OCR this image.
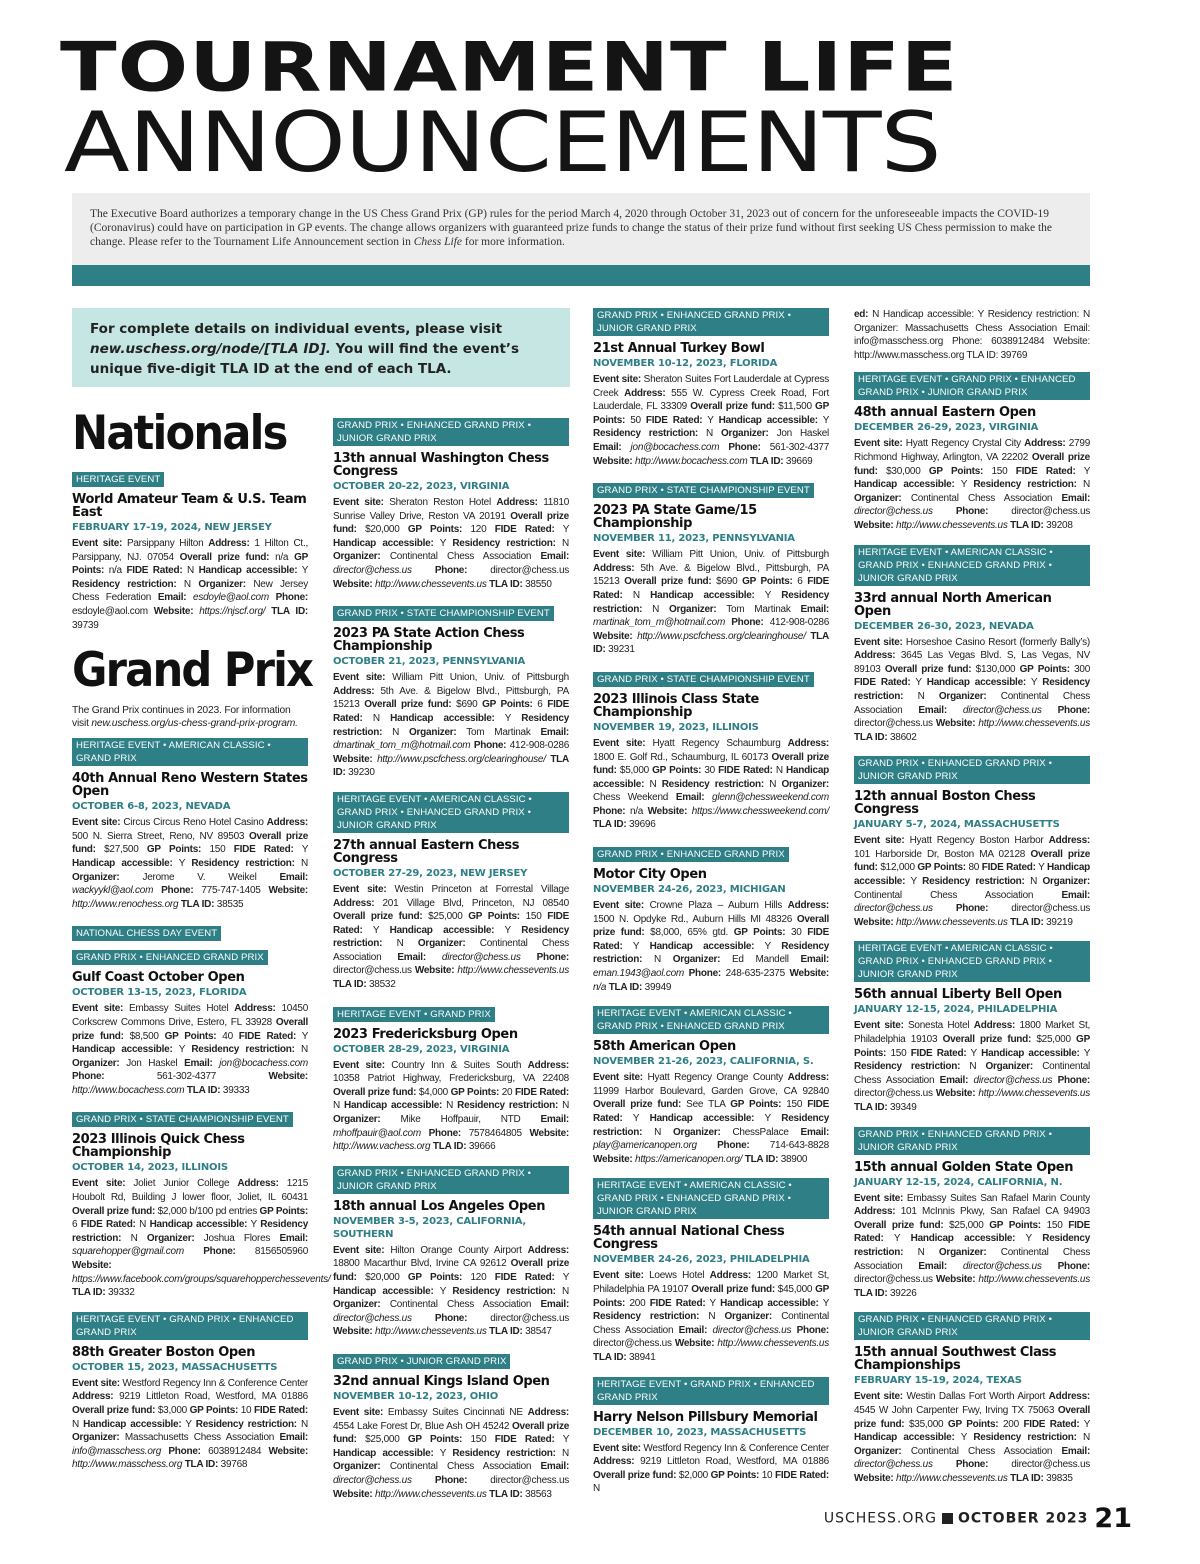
TOURNAMENT LIFE
ANNOUNCEMENTS
The Executive Board authorizes a temporary change in the US Chess Grand Prix (GP) rules for the period March 4, 2020 through October 31, 2023 out of concern for the unforeseeable impacts the COVID-19 (Coronavirus) could have on participation in GP events. The change allows organizers with guaranteed prize funds to change the status of their prize fund without first seeking US Chess permission to make the change. Please refer to the Tournament Life Announcement section in Chess Life for more information.
For complete details on individual events, please visit
new.uschess.org/node/[TLA ID]. You will find the event’s unique five-digit TLA ID at the end of each TLA.
Nationals
HERITAGE EVENT
World Amateur Team & U.S. Team East
FEBRUARY 17-19, 2024, NEW JERSEY
Event site: Parsippany Hilton Address: 1 Hilton Ct., Parsippany, NJ. 07054 Overall prize fund: n/a GP Points: n/a FIDE Rated: N Handicap accessible: Y Residency restriction: N Organizer: New Jersey Chess Federation Email: esdoyle@aol.com Phone: esdoyle@aol.com Website: https://njscf.org/ TLA ID: 39739
Grand Prix
The Grand Prix continues in 2023. For information visit new.uschess.org/us-chess-grand-prix-program.
HERITAGE EVENT • AMERICAN CLASSIC • GRAND PRIX
40th Annual Reno Western States Open
OCTOBER 6-8, 2023, NEVADA
Event site: Circus Circus Reno Hotel Casino Address: 500 N. Sierra Street, Reno, NV 89503 Overall prize fund: $27,500 GP Points: 150 FIDE Rated: Y Handicap accessible: Y Residency restriction: N Organizer: Jerome V. Weikel Email: wackyykl@aol.com Phone: 775-747-1405 Website: http://www.renochess.org TLA ID: 38535
NATIONAL CHESS DAY EVENT
GRAND PRIX • ENHANCED GRAND PRIX
Gulf Coast October Open
OCTOBER 13-15, 2023, FLORIDA
Event site: Embassy Suites Hotel Address: 10450 Corkscrew Commons Drive, Estero, FL 33928 Overall prize fund: $8,500 GP Points: 40 FIDE Rated: Y Handicap accessible: Y Residency restriction: N Organizer: Jon Haskel Email: jon@bocachess.com Phone:	561-302-4377	Website: http://www.bocachess.com TLA ID: 39333
GRAND PRIX • STATE CHAMPIONSHIP EVENT
2023 Illinois Quick Chess Championship
OCTOBER 14, 2023, ILLINOIS
Event site: Joliet Junior College Address: 1215 Houbolt Rd, Building J lower floor, Joliet, IL 60431 Overall prize fund: $2,000 b/100 pd entries GP Points: 6 FIDE Rated: N Handicap accessible: Y Residency restriction: N Organizer: Joshua Flores Email: squarehopper@gmail.com Phone: 8156505960 Website: https://www.facebook.com/groups/squarehopperchessevents/ TLA ID: 39332
HERITAGE EVENT • GRAND PRIX • ENHANCED GRAND PRIX
88th Greater Boston Open
OCTOBER 15, 2023, MASSACHUSETTS
Event site: Westford Regency Inn & Conference Center Address: 9219 Littleton Road, Westford, MA 01886 Overall prize fund: $3,000 GP Points: 10 FIDE Rated: N Handicap accessible: Y Residency restriction: N Organizer: Massachusetts Chess Association Email: info@masschess.org Phone: 6038912484 Website: http://www.masschess.org TLA ID: 39768
GRAND PRIX • ENHANCED GRAND PRIX • JUNIOR GRAND PRIX
13th annual Washington Chess Congress
OCTOBER 20-22, 2023, VIRGINIA
Event site: Sheraton Reston Hotel Address: 11810 Sunrise Valley Drive, Reston VA 20191 Overall prize fund: $20,000 GP Points: 120 FIDE Rated: Y Handicap accessible: Y Residency restriction: N Organizer: Continental Chess Association Email: director@chess.us Phone: director@chess.us Website: http://www.chessevents.us TLA ID: 38550
GRAND PRIX • STATE CHAMPIONSHIP EVENT
2023 PA State Action Chess Championship
OCTOBER 21, 2023, PENNSYLVANIA
Event site: William Pitt Union, Univ. of Pittsburgh Address: 5th Ave. & Bigelow Blvd., Pittsburgh, PA 15213 Overall prize fund: $690 GP Points: 6 FIDE Rated: N Handicap accessible: Y Residency restriction: N Organizer: Tom Martinak Email: dmartinak_tom_m@hotmail.com Phone: 412-908-0286 Website: http://www.pscfchess.org/clearinghouse/ TLA ID: 39230
HERITAGE EVENT • AMERICAN CLASSIC • GRAND PRIX • ENHANCED GRAND PRIX • JUNIOR GRAND PRIX
27th annual Eastern Chess Congress
OCTOBER 27-29, 2023, NEW JERSEY
Event site: Westin Princeton at Forrestal Village Address: 201 Village Blvd, Princeton, NJ 08540 Overall prize fund: $25,000 GP Points: 150 FIDE Rated: Y Handicap accessible: Y Residency restriction: N Organizer: Continental Chess Association Email: director@chess.us Phone: director@chess.us Website: http://www.chessevents.us TLA ID: 38532
HERITAGE EVENT • GRAND PRIX
2023 Fredericksburg Open
OCTOBER 28-29, 2023, VIRGINIA
Event site: Country Inn & Suites South Address: 10358 Patriot Highway, Fredericksburg, VA 22408 Overall prize fund: $4,000 GP Points: 20 FIDE Rated: N Handicap accessible: N Residency restriction: N Organizer: Mike Hoffpauir, NTD Email: mhoffpauir@aol.com Phone: 7578464805 Website: http://www.vachess.org TLA ID: 39666
GRAND PRIX • ENHANCED GRAND PRIX • JUNIOR GRAND PRIX
18th annual Los Angeles Open
NOVEMBER 3-5, 2023, CALIFORNIA, SOUTHERN
Event site: Hilton Orange County Airport Address: 18800 Macarthur Blvd, Irvine CA 92612 Overall prize fund: $20,000 GP Points: 120 FIDE Rated: Y Handicap accessible: Y Residency restriction: N Organizer: Continental Chess Association Email: director@chess.us Phone: director@chess.us Website: http://www.chessevents.us TLA ID: 38547
GRAND PRIX • JUNIOR GRAND PRIX
32nd annual Kings Island Open
NOVEMBER 10-12, 2023, OHIO
Event site: Embassy Suites Cincinnati NE Address: 4554 Lake Forest Dr, Blue Ash OH 45242 Overall prize fund: $25,000 GP Points: 150 FIDE Rated: Y Handicap accessible: Y Residency restriction: N Organizer: Continental Chess Association Email: director@chess.us Phone: director@chess.us Website: http://www.chessevents.us TLA ID: 38563
GRAND PRIX • ENHANCED GRAND PRIX • JUNIOR GRAND PRIX
21st Annual Turkey Bowl
NOVEMBER 10-12, 2023, FLORIDA
Event site: Sheraton Suites Fort Lauderdale at Cypress Creek Address: 555 W. Cypress Creek Road, Fort Lauderdale, FL 33309 Overall prize fund: $11,500 GP Points: 50 FIDE Rated: Y Handicap accessible: Y Residency restriction: N Organizer: Jon Haskel Email: jon@bocachess.com Phone: 561-302-4377 Website: http://www.bocachess.com TLA ID: 39669
GRAND PRIX • STATE CHAMPIONSHIP EVENT
2023 PA State Game/15 Championship
NOVEMBER 11, 2023, PENNSYLVANIA
Event site: William Pitt Union, Univ. of Pittsburgh Address: 5th Ave. & Bigelow Blvd., Pittsburgh, PA 15213 Overall prize fund: $690 GP Points: 6 FIDE Rated: N Handicap accessible: Y Residency restriction: N Organizer: Tom Martinak Email: martinak_tom_m@hotmail.com Phone: 412-908-0286 Website: http://www.pscfchess.org/clearinghouse/ TLA ID: 39231
GRAND PRIX • STATE CHAMPIONSHIP EVENT
2023 Illinois Class State Championship
NOVEMBER 19, 2023, ILLINOIS
Event site: Hyatt Regency Schaumburg Address: 1800 E. Golf Rd., Schaumburg, IL 60173 Overall prize fund: $5,000 GP Points: 30 FIDE Rated: N Handicap accessible: N Residency restriction: N Organizer: Chess Weekend Email: glenn@chessweekend.com Phone: n/a Website: https://www.chessweekend.com/ TLA ID: 39696
GRAND PRIX • ENHANCED GRAND PRIX
Motor City Open
NOVEMBER 24-26, 2023, MICHIGAN
Event site: Crowne Plaza – Auburn Hills Address: 1500 N. Opdyke Rd., Auburn Hills MI 48326 Overall prize fund: $8,000, 65% gtd. GP Points: 30 FIDE Rated: Y Handicap accessible: Y Residency restriction: N Organizer: Ed Mandell Email: eman.1943@aol.com Phone: 248-635-2375 Website: n/a TLA ID: 39949
HERITAGE EVENT • AMERICAN CLASSIC • GRAND PRIX • ENHANCED GRAND PRIX
58th American Open
NOVEMBER 21-26, 2023, CALIFORNIA, S.
Event site: Hyatt Regency Orange County Address: 11999 Harbor Boulevard, Garden Grove, CA 92840 Overall prize fund: See TLA GP Points: 150 FIDE Rated: Y Handicap accessible: Y Residency restriction: N Organizer: ChessPalace Email: play@americanopen.org Phone: 714-643-8828 Website: https://americanopen.org/ TLA ID: 38900
HERITAGE EVENT • AMERICAN CLASSIC • GRAND PRIX • ENHANCED GRAND PRIX • JUNIOR GRAND PRIX
54th annual National Chess Congress
NOVEMBER 24-26, 2023, PHILADELPHIA
Event site: Loews Hotel Address: 1200 Market St, Philadelphia PA 19107 Overall prize fund: $45,000 GP Points: 200 FIDE Rated: Y Handicap accessible: Y Residency restriction: N Organizer: Continental Chess Association Email: director@chess.us Phone: director@chess.us Website: http://www.chessevents.us TLA ID: 38941
HERITAGE EVENT • GRAND PRIX • ENHANCED GRAND PRIX
Harry Nelson Pillsbury Memorial
DECEMBER 10, 2023, MASSACHUSETTS
Event site: Westford Regency Inn & Conference Center Address: 9219 Littleton Road, Westford, MA 01886 Overall prize fund: $2,000 GP Points: 10 FIDE Rated: N
ed: N Handicap accessible: Y Residency restriction: N Organizer: Massachusetts Chess Association Email: info@masschess.org Phone: 6038912484 Website: http://www.masschess.org TLA ID: 39769
HERITAGE EVENT • GRAND PRIX • ENHANCED GRAND PRIX • JUNIOR GRAND PRIX
48th annual Eastern Open
DECEMBER 26-29, 2023, VIRGINIA
Event site: Hyatt Regency Crystal City Address: 2799 Richmond Highway, Arlington, VA 22202 Overall prize fund: $30,000 GP Points: 150 FIDE Rated: Y Handicap accessible: Y Residency restriction: N Organizer: Continental Chess Association Email: director@chess.us Phone: director@chess.us Website: http://www.chessevents.us TLA ID: 39208
HERITAGE EVENT • AMERICAN CLASSIC • GRAND PRIX • ENHANCED GRAND PRIX • JUNIOR GRAND PRIX
33rd annual North American Open
DECEMBER 26-30, 2023, NEVADA
Event site: Horseshoe Casino Resort (formerly Bally’s) Address: 3645 Las Vegas Blvd. S, Las Vegas, NV 89103 Overall prize fund: $130,000 GP Points: 300 FIDE Rated: Y Handicap accessible: Y Residency restriction: N Organizer: Continental Chess Association Email: director@chess.us Phone: director@chess.us Website: http://www.chessevents.us TLA ID: 38602
GRAND PRIX • ENHANCED GRAND PRIX • JUNIOR GRAND PRIX
12th annual Boston Chess Congress
JANUARY 5-7, 2024, MASSACHUSETTS
Event site: Hyatt Regency Boston Harbor Address: 101 Harborside Dr, Boston MA 02128 Overall prize fund: $12,000 GP Points: 80 FIDE Rated: Y Handicap accessible: Y Residency restriction: N Organizer: Continental Chess Association	Email: director@chess.us Phone: director@chess.us Website: http://www.chessevents.us TLA ID: 39219
HERITAGE EVENT • AMERICAN CLASSIC • GRAND PRIX • ENHANCED GRAND PRIX • JUNIOR GRAND PRIX
56th annual Liberty Bell Open
JANUARY 12-15, 2024, PHILADELPHIA
Event site: Sonesta Hotel Address: 1800 Market St, Philadelphia 19103 Overall prize fund: $25,000 GP Points: 150 FIDE Rated: Y Handicap accessible: Y Residency restriction: N Organizer: Continental Chess Association Email: director@chess.us Phone: director@chess.us Website: http://www.chessevents.us TLA ID: 39349
GRAND PRIX • ENHANCED GRAND PRIX • JUNIOR GRAND PRIX
15th annual Golden State Open
JANUARY 12-15, 2024, CALIFORNIA, N.
Event site: Embassy Suites San Rafael Marin County Address: 101 McInnis Pkwy, San Rafael CA 94903 Overall prize fund: $25,000 GP Points: 150 FIDE Rated: Y Handicap accessible: Y Residency restriction: N Organizer: Continental Chess Association Email: director@chess.us Phone: director@chess.us Website: http://www.chessevents.us TLA ID: 39226
GRAND PRIX • ENHANCED GRAND PRIX • JUNIOR GRAND PRIX
15th annual Southwest Class Championships
FEBRUARY 15-19, 2024, TEXAS
Event site: Westin Dallas Fort Worth Airport Address: 4545 W John Carpenter Fwy, Irving TX 75063 Overall prize fund: $35,000 GP Points: 200 FIDE Rated: Y Handicap accessible: Y Residency restriction: N Organizer: Continental Chess Association Email: director@chess.us Phone: director@chess.us Website: http://www.chessevents.us TLA ID: 39835
USCHESS.ORG OCTOBER 2023 21
